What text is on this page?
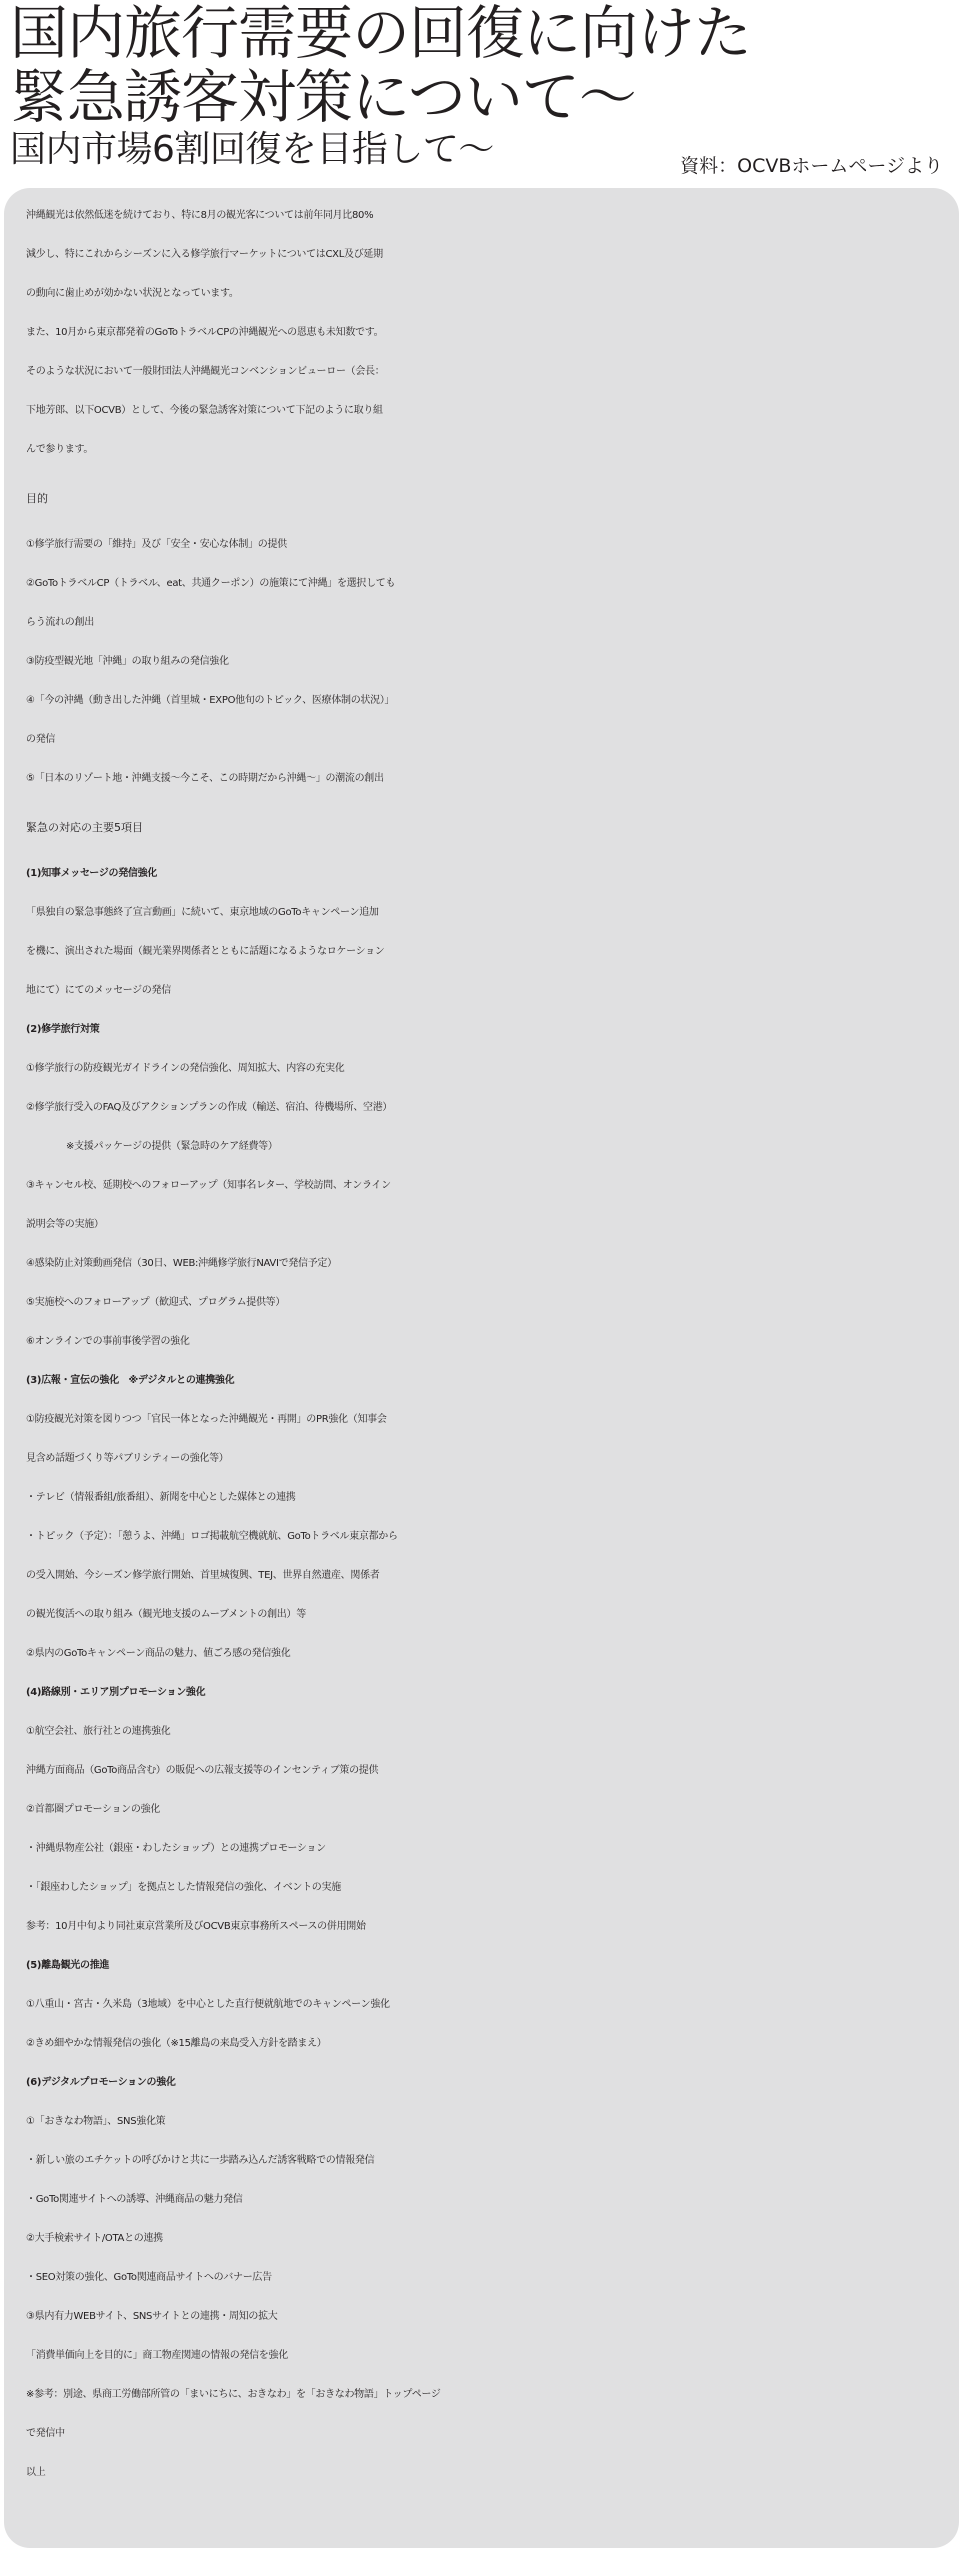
国内旅行需要の回復に向けた
緊急誘客対策について〜
国内市場6割回復を目指して〜	資料：OCVBホームページより
沖縄観光は依然低迷を続けており、特に8月の観光客については前年同月比80%
減少し、特にこれからシーズンに入る修学旅行マーケットについてはCXL及び延期
の動向に歯止めが効かない状況となっています。
また、10月から東京都発着のGoToトラベルCPの沖縄観光への恩恵も未知数です。
そのような状況において一般財団法人沖縄観光コンベンションビューロー（会長：
下地芳郎、以下OCVB）として、今後の緊急誘客対策について下記のように取り組
んで参ります。
目的
①修学旅行需要の「維持」及び「安全・安心な体制」の提供
②GoToトラベルCP（トラベル、eat、共通クーポン）の施策にて沖縄」を選択しても
らう流れの創出
③防疫型観光地「沖縄」の取り組みの発信強化
④「今の沖縄（動き出した沖縄（首里城・EXPO他旬のトピック、医療体制の状況）」
の発信
⑤「日本のリゾート地・沖縄支援〜今こそ、この時期だから沖縄〜」の潮流の創出
緊急の対応の主要5項目
(1)知事メッセージの発信強化
「県独自の緊急事態終了宣言動画」に続いて、東京地域のGoToキャンペーン追加
を機に、演出された場面（観光業界関係者とともに話題になるようなロケーション
地にて）にてのメッセージの発信
(2)修学旅行対策
①修学旅行の防疫観光ガイドラインの発信強化、周知拡大、内容の充実化
②修学旅行受入のFAQ及びアクションプランの作成（輸送、宿泊、待機場所、空港）
※支援パッケージの提供（緊急時のケア経費等）
③キャンセル校、延期校へのフォローアップ（知事名レター、学校訪問、オンライン
説明会等の実施）
④感染防止対策動画発信（30日、WEB:沖縄修学旅行NAVIで発信予定）
⑤実施校へのフォローアップ（歓迎式、プログラム提供等）
⑥オンラインでの事前事後学習の強化
(3)広報・宣伝の強化　※デジタルとの連携強化
①防疫観光対策を図りつつ「官民一体となった沖縄観光・再開」のPR強化（知事会
見含め話題づくり等パブリシティーの強化等）
・テレビ（情報番組/旅番組）、新聞を中心とした媒体との連携
・トピック（予定）：「憩うよ、沖縄」ロゴ掲載航空機就航、GoToトラベル東京都から
の受入開始、今シーズン修学旅行開始、首里城復興、TEJ、世界自然遺産、関係者
の観光復活への取り組み（観光地支援のムーブメントの創出）等
②県内のGoToキャンペーン商品の魅力、値ごろ感の発信強化
(4)路線別・エリア別プロモーション強化
①航空会社、旅行社との連携強化
沖縄方面商品（GoTo商品含む）の販促への広報支援等のインセンティブ策の提供
②首都圏プロモーションの強化
・沖縄県物産公社（銀座・わしたショップ）との連携プロモーション
・「銀座わしたショップ」を拠点とした情報発信の強化、イベントの実施
参考：10月中旬より同社東京営業所及びOCVB東京事務所スペースの併用開始
(5)離島観光の推進
①八重山・宮古・久米島（3地域）を中心とした直行便就航地でのキャンペーン強化
②きめ細やかな情報発信の強化（※15離島の来島受入方針を踏まえ）
(6)デジタルプロモーションの強化
①「おきなわ物語」、SNS強化策
・新しい旅のエチケットの呼びかけと共に一歩踏み込んだ誘客戦略での情報発信
・GoTo関連サイトへの誘導、沖縄商品の魅力発信
②大手検索サイト/OTAとの連携
・SEO対策の強化、GoTo関連商品サイトへのバナー広告
③県内有力WEBサイト、SNSサイトとの連携・周知の拡大
「消費単価向上を目的に」商工物産関連の情報の発信を強化
※参考：別途、県商工労働部所管の「まいにちに、おきなわ」を「おきなわ物語」トップページ
で発信中
以上
